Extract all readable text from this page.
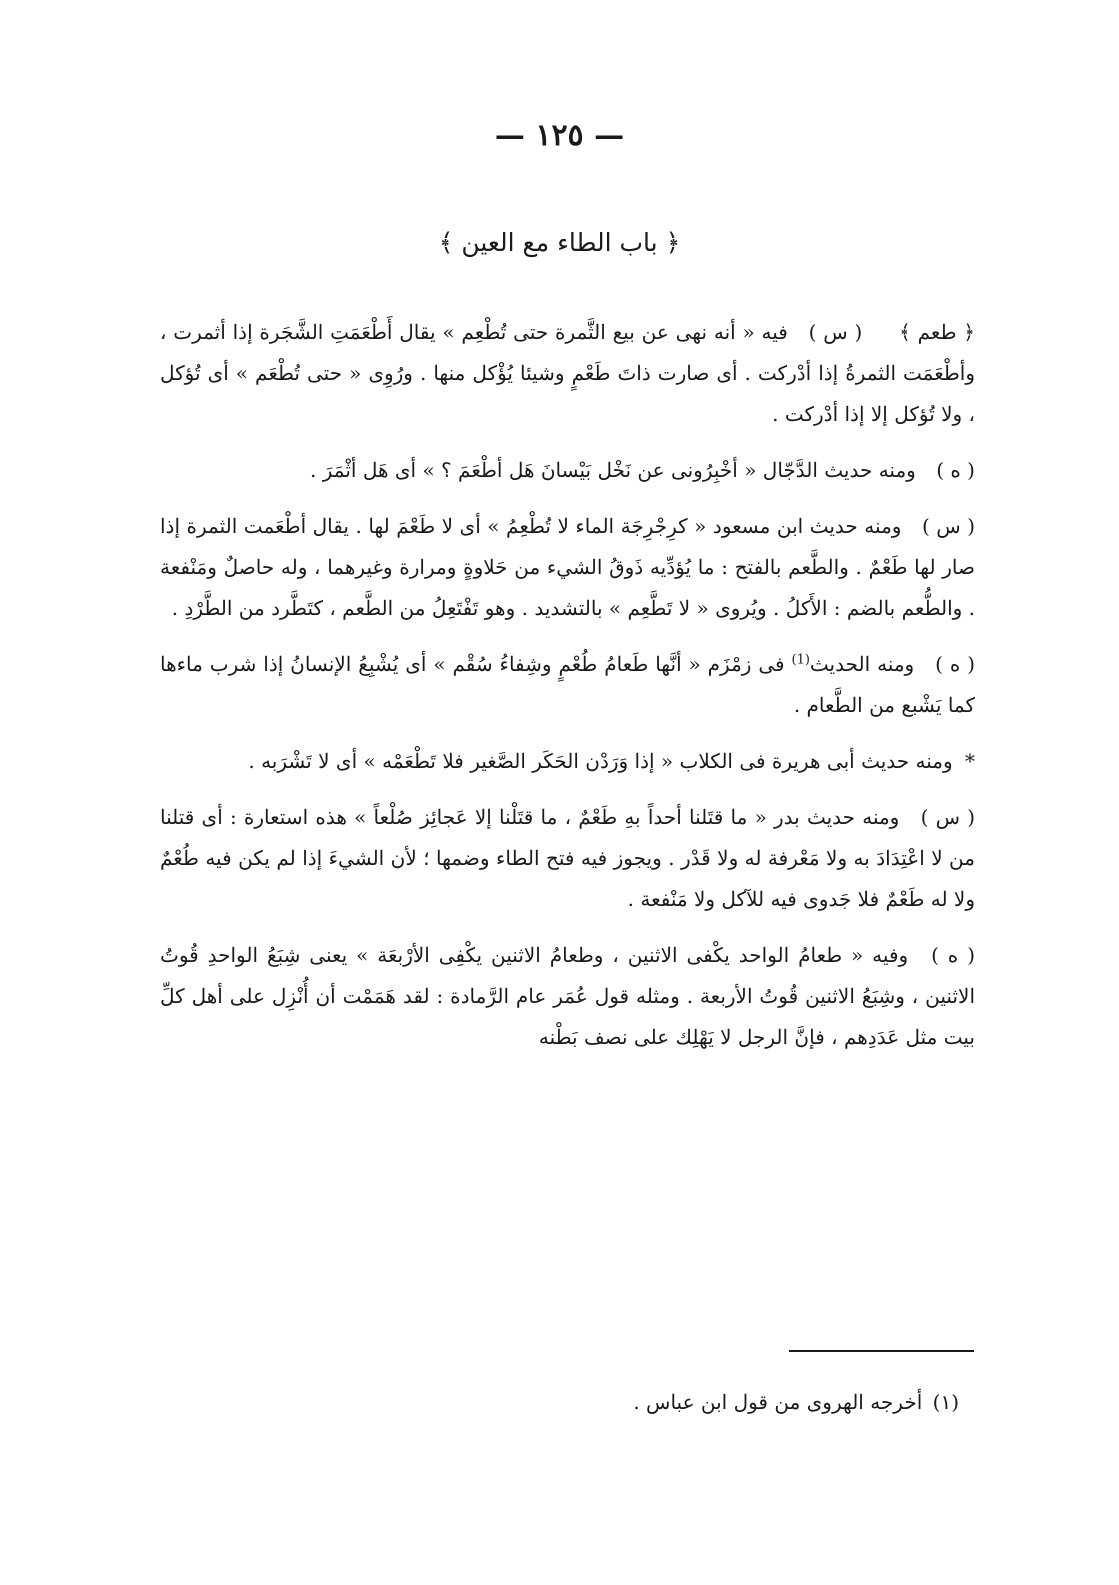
— ١٢٥ —
﴿ باب الطاء مع العين ﴾

﴿ طعم ﴾ ( س ) فيه « أنه نهى عن بيع الثَّمرة حتى تُطْعِم » يقال أَطْعَمَتِ الشَّجَرة إذا أثمرت ، وأطْعَمَت الثمرةُ إذا أدْركت . أى صارت ذاتَ طَعْمٍ وشيئا يُؤْكل منها . ورُوِى « حتى تُطْعَم » أى تُؤكل ، ولا تُؤكل إلا إذا أدْركت .

( ه ) ومنه حديث الدَّجّال « أخْبِرُونى عن نَخْل بَيْسانَ هَل أطْعَمَ ؟ » أى هَل أثْمَرَ .

( س ) ومنه حديث ابن مسعود « كرِجْرِجَة الماء لا تُطْعِمُ » أى لا طَعْمَ لها . يقال أطْعَمت الثمرة إذا صار لها طَعْمٌ . والطَّعم بالفتح : ما يُؤدِّيه ذَوقُ الشيء من حَلاوةٍ ومرارة وغيرهما ، وله حاصلٌ ومَنْفعة . والطُّعم بالضم : الأَكلُ . ويُروى « لا تَطَّعِم » بالتشديد . وهو تَفْتَعِلُ من الطَّعم ، كتَطَّرد من الطَّرْدِ .

( ه ) ومنه الحديث$^{(1)}$ فى زمْزَم « أنَّها طَعامُ طُعْمٍ وشِفاءُ سُقْم » أى يُشْبِعُ الإنسانُ إذا شرب ماءها كما يَشْبع من الطَّعام .

* ومنه حديث أبى هريرة فى الكلاب « إذا وَرَدْن الحَكَر الصَّغير فلا تَطْعَمْه » أى لا تَشْرَبه .

( س ) ومنه حديث بدر « ما قتَلنا أحداً بهِ طَعْمٌ ، ما قتَلْنا إلا عَجائِز صُلْعاً » هذه استعارة : أى قتلنا من لا اعْتِدَادَ به ولا مَعْرفة له ولا قَدْر . ويجوز فيه فتح الطاء وضمها ؛ لأن الشيءَ إذا لم يكن فيه طُعْمٌ ولا له طَعْمٌ فلا جَدوى فيه للآكل ولا مَنْفعة .

( ه ) وفيه « طعامُ الواحد يكْفى الاثنين ، وطعامُ الاثنين يكْفِى الأرْبعَة » يعنى شِبَعُ الواحدِ قُوتُ الاثنين ، وشِبَعُ الاثنين قُوتُ الأربعة . ومثله قول عُمَر عام الرَّمادة : لقد هَمَمْت أن أُنْزِل على أهل كلِّ بيت مثل عَدَدِهم ، فإنَّ الرجل لا يَهْلِك على نصف بَطْنه

(١) أخرجه الهروى من قول ابن عباس .
